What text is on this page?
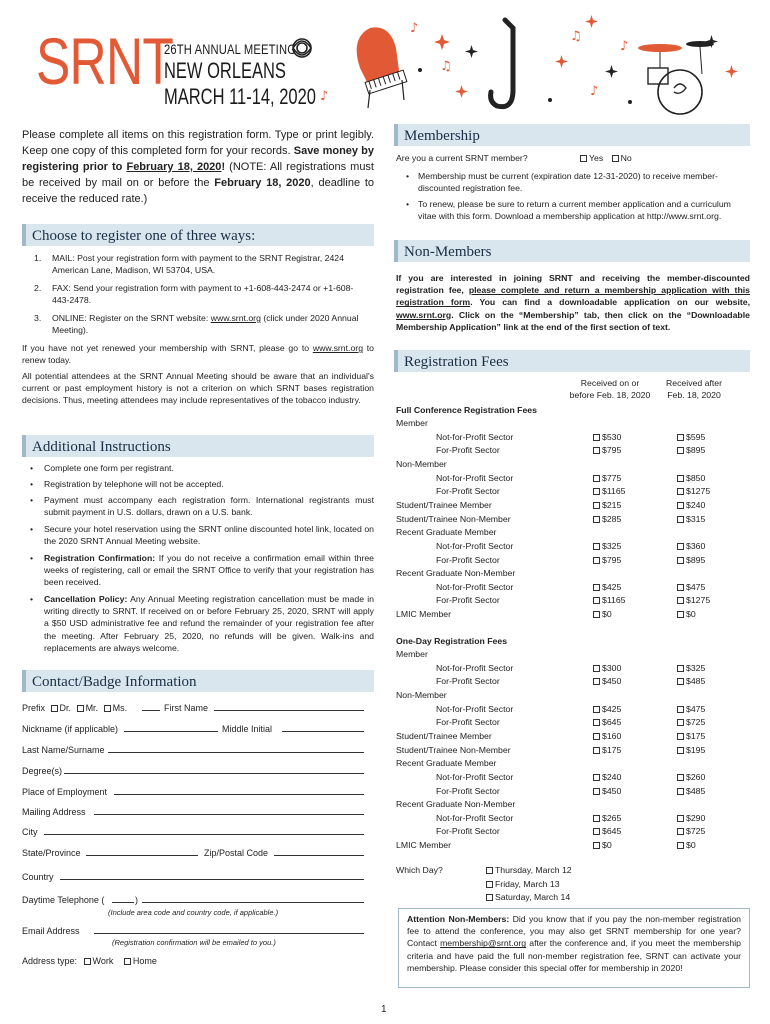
SRNT
26TH ANNUAL MEETING
NEW ORLEANS
MARCH 11-14, 2020
♪
♫
♪
♫
♪
♪
Please complete all items on this registration form. Type or print legibly. Keep one copy of this completed form for your records. Save money by registering prior to February 18, 2020! (NOTE: All registrations must be received by mail on or before the February 18, 2020, deadline to receive the reduced rate.)
Choose to register one of three ways:
1.	MAIL: Post your registration form with payment to the SRNT Registrar, 2424 American Lane, Madison, WI 53704, USA.
2.	FAX: Send your registration form with payment to +1-608-443-2474 or +1-608-443-2478.
3.	ONLINE: Register on the SRNT website: www.srnt.org (click under 2020 Annual Meeting).
If you have not yet renewed your membership with SRNT, please go to www.srnt.org to renew today.
All potential attendees at the SRNT Annual Meeting should be aware that an individual's current or past employment history is not a criterion on which SRNT bases registration decisions. Thus, meeting attendees may include representatives of the tobacco industry.
Additional Instructions
•	Complete one form per registrant.
•	Registration by telephone will not be accepted.
•	Payment must accompany each registration form. International registrants must submit payment in U.S. dollars, drawn on a U.S. bank.
•	Secure your hotel reservation using the SRNT online discounted hotel link, located on the 2020 SRNT Annual Meeting website.
•	Registration Confirmation: If you do not receive a confirmation email within three weeks of registering, call or email the SRNT Office to verify that your registration has been received.
•	Cancellation Policy: Any Annual Meeting registration cancellation must be made in writing directly to SRNT. If received on or before February 25, 2020, SRNT will apply a $50 USD administrative fee and refund the remainder of your registration fee after the meeting. After February 25, 2020, no refunds will be given. Walk-ins and replacements are always welcome.
Contact/Badge Information
Prefix Dr. Mr. Ms.	First Name
Nickname (if applicable)	Middle Initial
Last Name/Surname
Degree(s)
Place of Employment
Mailing Address
City
State/Province	Zip/Postal Code
Country
Daytime Telephone (	)
(Include area code and country code, if applicable.)
Email Address
(Registration confirmation will be emailed to you.)
Address type: Work Home
Membership
Are you a current SRNT member?	Yes No
•	Membership must be current (expiration date 12-31-2020) to receive member-discounted registration fee.
•	To renew, please be sure to return a current member application and a curriculum vitae with this form. Download a membership application at http://www.srnt.org.
Non-Members
If you are interested in joining SRNT and receiving the member-discounted registration fee, please complete and return a membership application with this registration form. You can find a downloadable application on our website, www.srnt.org. Click on the “Membership” tab, then click on the “Downloadable Membership Application” link at the end of the first section of text.
Registration Fees
Received on or
before Feb. 18, 2020
Received after
Feb. 18, 2020
Full Conference Registration Fees
Member
Not-for-Profit Sector	$530	$595
For-Profit Sector	$795	$895
Non-Member
Not-for-Profit Sector	$775	$850
For-Profit Sector	$1165	$1275
Student/Trainee Member	$215	$240
Student/Trainee Non-Member	$285	$315
Recent Graduate Member
Not-for-Profit Sector	$325	$360
For-Profit Sector	$795	$895
Recent Graduate Non-Member
Not-for-Profit Sector	$425	$475
For-Profit Sector	$1165	$1275
LMIC Member	$0	$0
One-Day Registration Fees
Member
Not-for-Profit Sector	$300	$325
For-Profit Sector	$450	$485
Non-Member
Not-for-Profit Sector	$425	$475
For-Profit Sector	$645	$725
Student/Trainee Member	$160	$175
Student/Trainee Non-Member	$175	$195
Recent Graduate Member
Not-for-Profit Sector	$240	$260
For-Profit Sector	$450	$485
Recent Graduate Non-Member
Not-for-Profit Sector	$265	$290
For-Profit Sector	$645	$725
LMIC Member	$0	$0
Which Day?	Thursday, March 12
Friday, March 13
Saturday, March 14
Attention Non-Members: Did you know that if you pay the non-member registration fee to attend the conference, you may also get SRNT membership for one year? Contact membership@srnt.org after the conference and, if you meet the membership criteria and have paid the full non-member registration fee, SRNT can activate your membership. Please consider this special offer for membership in 2020!
1
